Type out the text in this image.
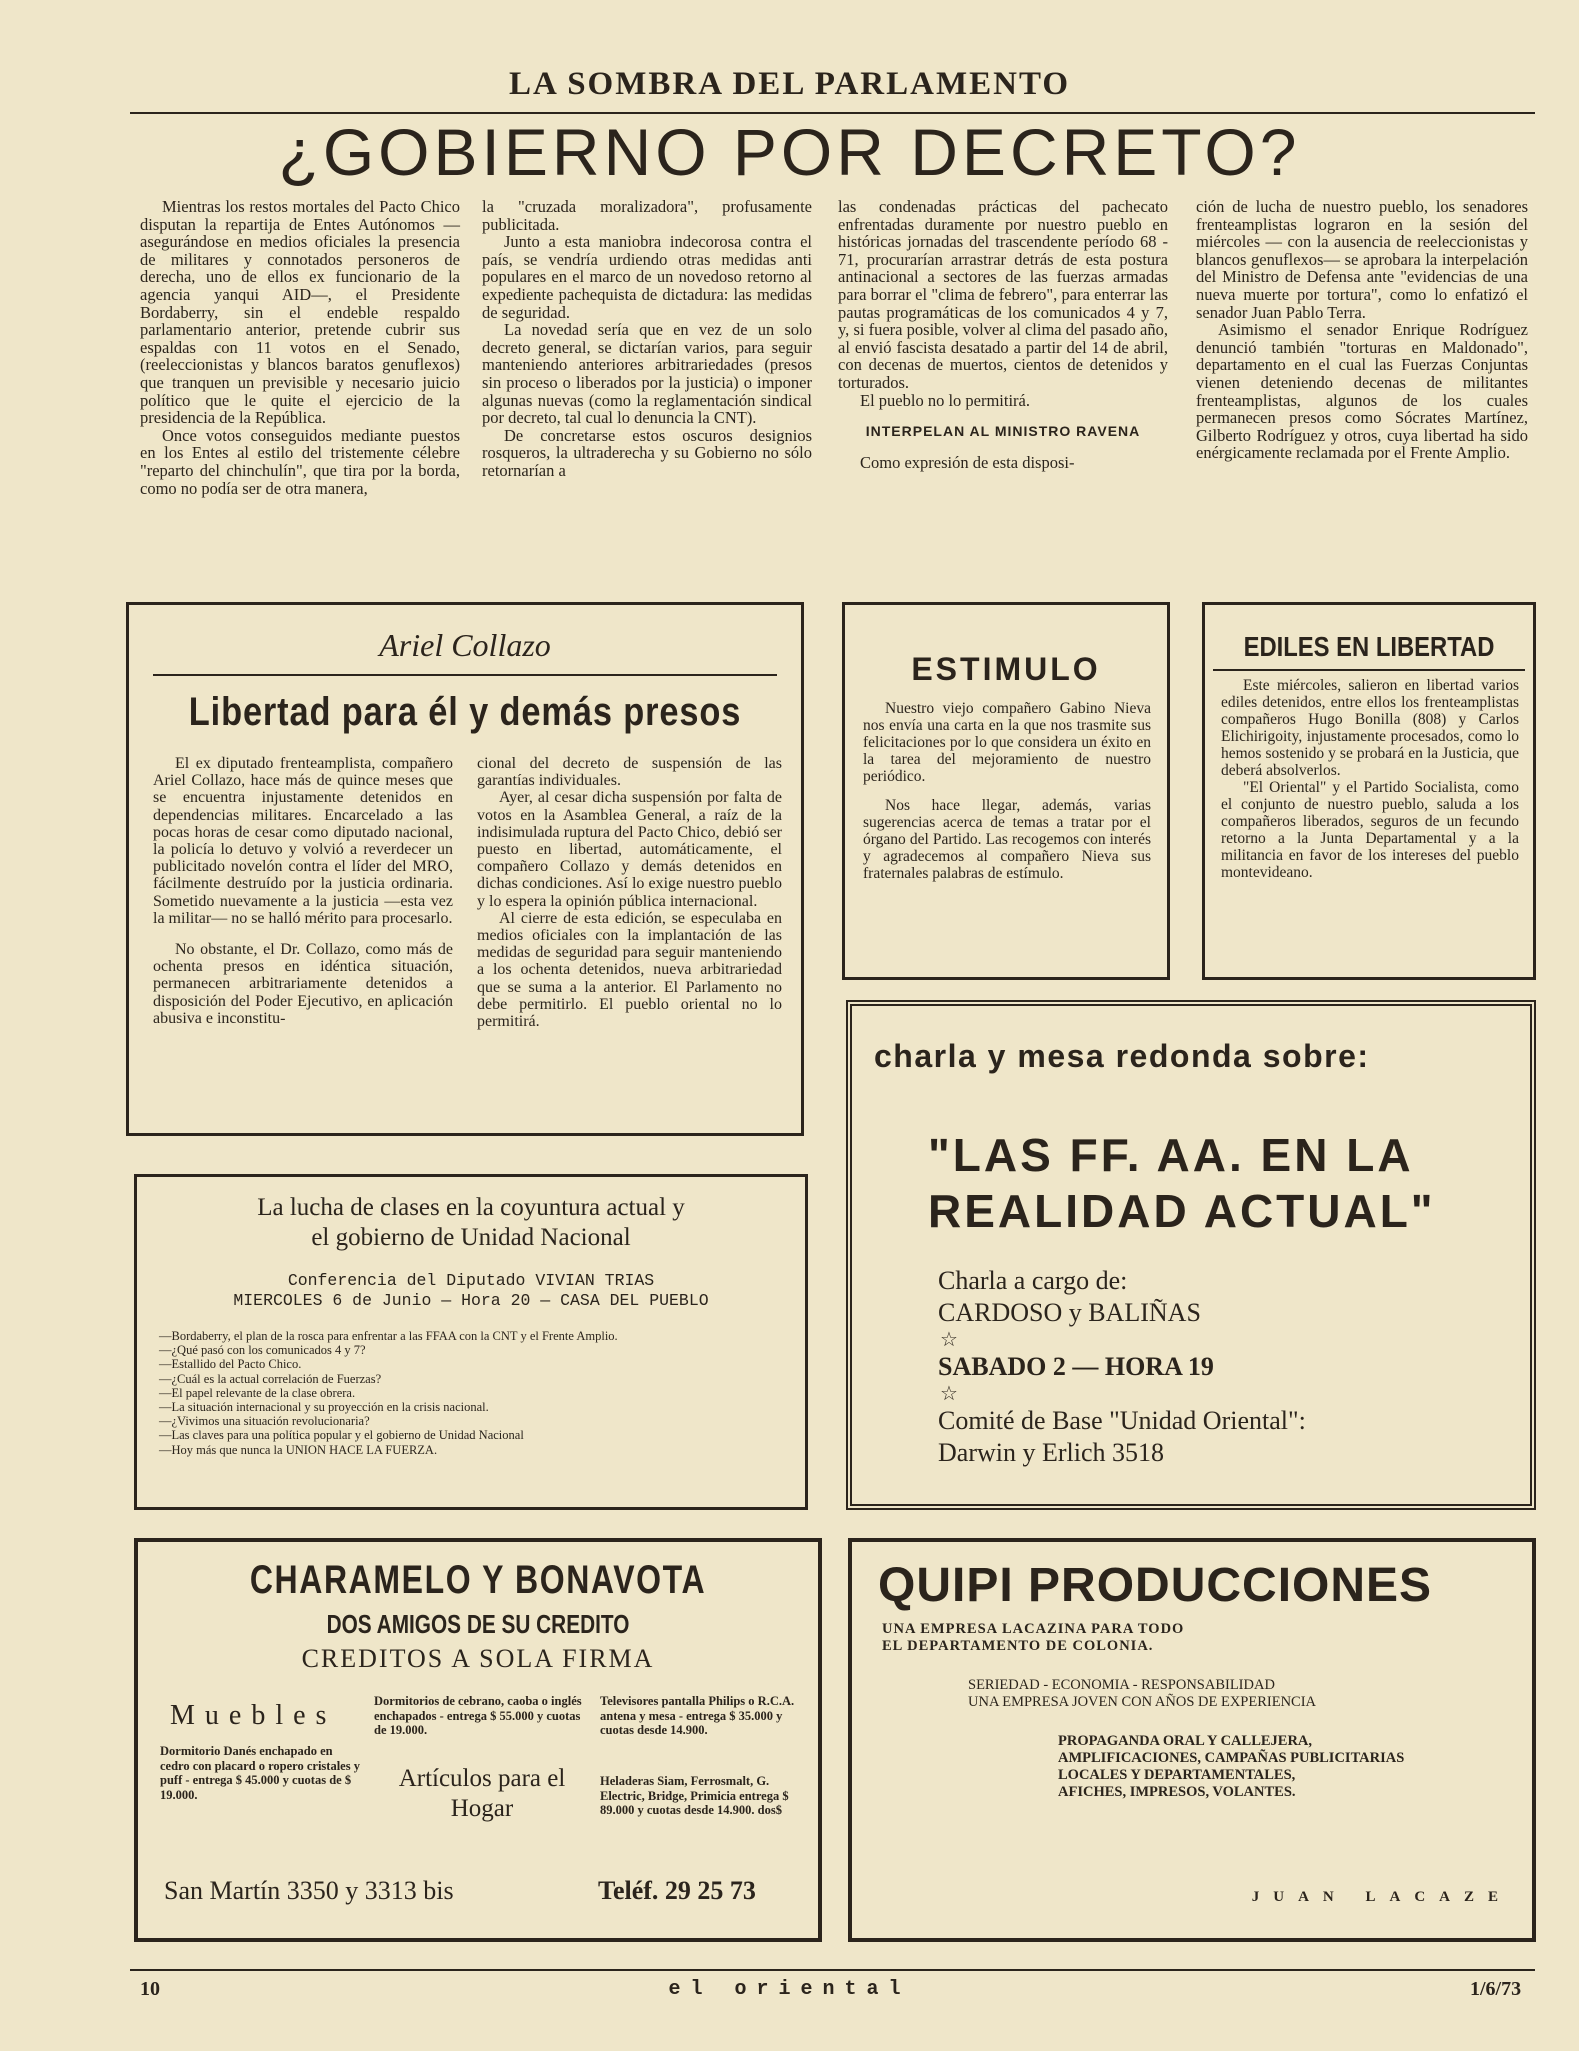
LA SOMBRA DEL PARLAMENTO
¿GOBIERNO POR DECRETO?

Mientras los restos mortales del Pacto Chico disputan la repartija de Entes Autónomos —asegurándose en medios oficiales la presencia de militares y connotados personeros de derecha, uno de ellos ex funcionario de la agencia yanqui AID—, el Presidente Bordaberry, sin el endeble respaldo parlamentario anterior, pretende cubrir sus espaldas con 11 votos en el Senado, (reeleccionistas y blancos baratos genuflexos) que tranquen un previsible y necesario juicio político que le quite el ejercicio de la presidencia de la República.

Once votos conseguidos mediante puestos en los Entes al estilo del tristemente célebre "reparto del chinchulín", que tira por la borda, como no podía ser de otra manera,

la "cruzada moralizadora", profusamente publicitada.

Junto a esta maniobra indecorosa contra el país, se vendría urdiendo otras medidas anti populares en el marco de un novedoso retorno al expediente pachequista de dictadura: las medidas de seguridad.

La novedad sería que en vez de un solo decreto general, se dictarían varios, para seguir manteniendo anteriores arbitrariedades (presos sin proceso o liberados por la justicia) o imponer algunas nuevas (como la reglamentación sindical por decreto, tal cual lo denuncia la CNT).

De concretarse estos oscuros designios rosqueros, la ultraderecha y su Gobierno no sólo retornarían a

las condenadas prácticas del pachecato enfrentadas duramente por nuestro pueblo en históricas jornadas del trascendente período 68 - 71, procurarían arrastrar detrás de esta postura antinacional a sectores de las fuerzas armadas para borrar el "clima de febrero", para enterrar las pautas programáticas de los comunicados 4 y 7, y, si fuera posible, volver al clima del pasado año, al envió fascista desatado a partir del 14 de abril, con decenas de muertos, cientos de detenidos y torturados.

El pueblo no lo permitirá.

INTERPELAN AL MINISTRO RAVENA

Como expresión de esta disposi-

ción de lucha de nuestro pueblo, los senadores frenteamplistas lograron en la sesión del miércoles — con la ausencia de reeleccionistas y blancos genuflexos— se aprobara la interpelación del Ministro de Defensa ante "evidencias de una nueva muerte por tortura", como lo enfatizó el senador Juan Pablo Terra.

Asimismo el senador Enrique Rodríguez denunció también "torturas en Maldonado", departamento en el cual las Fuerzas Conjuntas vienen deteniendo decenas de militantes frenteamplistas, algunos de los cuales permanecen presos como Sócrates Martínez, Gilberto Rodríguez y otros, cuya libertad ha sido enérgicamente reclamada por el Frente Amplio.

Ariel Collazo
Libertad para él y demás presos

El ex diputado frenteamplista, compañero Ariel Collazo, hace más de quince meses que se encuentra injustamente detenidos en dependencias militares. Encarcelado a las pocas horas de cesar como diputado nacional, la policía lo detuvo y volvió a reverdecer un publicitado novelón contra el líder del MRO, fácilmente destruído por la justicia ordinaria. Sometido nuevamente a la justicia —esta vez la militar— no se halló mérito para procesarlo.

No obstante, el Dr. Collazo, como más de ochenta presos en idéntica situación, permanecen arbitrariamente detenidos a disposición del Poder Ejecutivo, en aplicación abusiva e inconstitu-

cional del decreto de suspensión de las garantías individuales.

Ayer, al cesar dicha suspensión por falta de votos en la Asamblea General, a raíz de la indisimulada ruptura del Pacto Chico, debió ser puesto en libertad, automáticamente, el compañero Collazo y demás detenidos en dichas condiciones. Así lo exige nuestro pueblo y lo espera la opinión pública internacional.

Al cierre de esta edición, se especulaba en medios oficiales con la implantación de las medidas de seguridad para seguir manteniendo a los ochenta detenidos, nueva arbitrariedad que se suma a la anterior. El Parlamento no debe permitirlo. El pueblo oriental no lo permitirá.

ESTIMULO

Nuestro viejo compañero Gabino Nieva nos envía una carta en la que nos trasmite sus felicitaciones por lo que considera un éxito en la tarea del mejoramiento de nuestro periódico.

Nos hace llegar, además, varias sugerencias acerca de temas a tratar por el órgano del Partido. Las recogemos con interés y agradecemos al compañero Nieva sus fraternales palabras de estímulo.

EDILES EN LIBERTAD

Este miércoles, salieron en libertad varios ediles detenidos, entre ellos los frenteamplistas compañeros Hugo Bonilla (808) y Carlos Elichirigoity, injustamente procesados, como lo hemos sostenido y se probará en la Justicia, que deberá absolverlos.

"El Oriental" y el Partido Socialista, como el conjunto de nuestro pueblo, saluda a los compañeros liberados, seguros de un fecundo retorno a la Junta Departamental y a la militancia en favor de los intereses del pueblo montevideano.

charla y mesa redonda sobre:
"LAS FF. AA. EN LA
REALIDAD ACTUAL"
Charla a cargo de:
CARDOSO y BALIÑAS
☆
SABADO 2 — HORA 19
☆
Comité de Base "Unidad Oriental":
Darwin y Erlich 3518
La lucha de clases en la coyuntura actual y
el gobierno de Unidad Nacional
Conferencia del Diputado VIVIAN TRIAS
MIERCOLES 6 de Junio — Hora 20 — CASA DEL PUEBLO
—Bordaberry, el plan de la rosca para enfrentar a las FFAA con la CNT y el Frente Amplio.
—¿Qué pasó con los comunicados 4 y 7?
—Estallido del Pacto Chico.
—¿Cuál es la actual correlación de Fuerzas?
—El papel relevante de la clase obrera.
—La situación internacional y su proyección en la crisis nacional.
—¿Vivimos una situación revolucionaria?
—Las claves para una política popular y el gobierno de Unidad Nacional
—Hoy más que nunca la UNION HACE LA FUERZA.
CHARAMELO Y BONAVOTA
DOS AMIGOS DE SU CREDITO
CREDITOS A SOLA FIRMA
Muebles
Dormitorio Danés enchapado en cedro con placard o ropero cristales y puff - entrega $ 45.000 y cuotas de $ 19.000.
Dormitorios de cebrano, caoba o inglés enchapados - entrega $ 55.000 y cuotas de 19.000.
Artículos para el Hogar
Televisores pantalla Philips o R.C.A. antena y mesa - entrega $ 35.000 y cuotas desde 14.900.
Heladeras Siam, Ferrosmalt, G. Electric, Bridge, Primicia entrega $ 89.000 y cuotas desde 14.900. dos$
San Martín 3350 y 3313 bis	Teléf. 29 25 73
QUIPI PRODUCCIONES
UNA EMPRESA LACAZINA PARA TODO
EL DEPARTAMENTO DE COLONIA.
SERIEDAD - ECONOMIA - RESPONSABILIDAD
UNA EMPRESA JOVEN CON AÑOS DE EXPERIENCIA
PROPAGANDA ORAL Y CALLEJERA,
AMPLIFICACIONES, CAMPAÑAS PUBLICITARIAS
LOCALES Y DEPARTAMENTALES,
AFICHES, IMPRESOS, VOLANTES.
JUAN LACAZE
10	el oriental	1/6/73
